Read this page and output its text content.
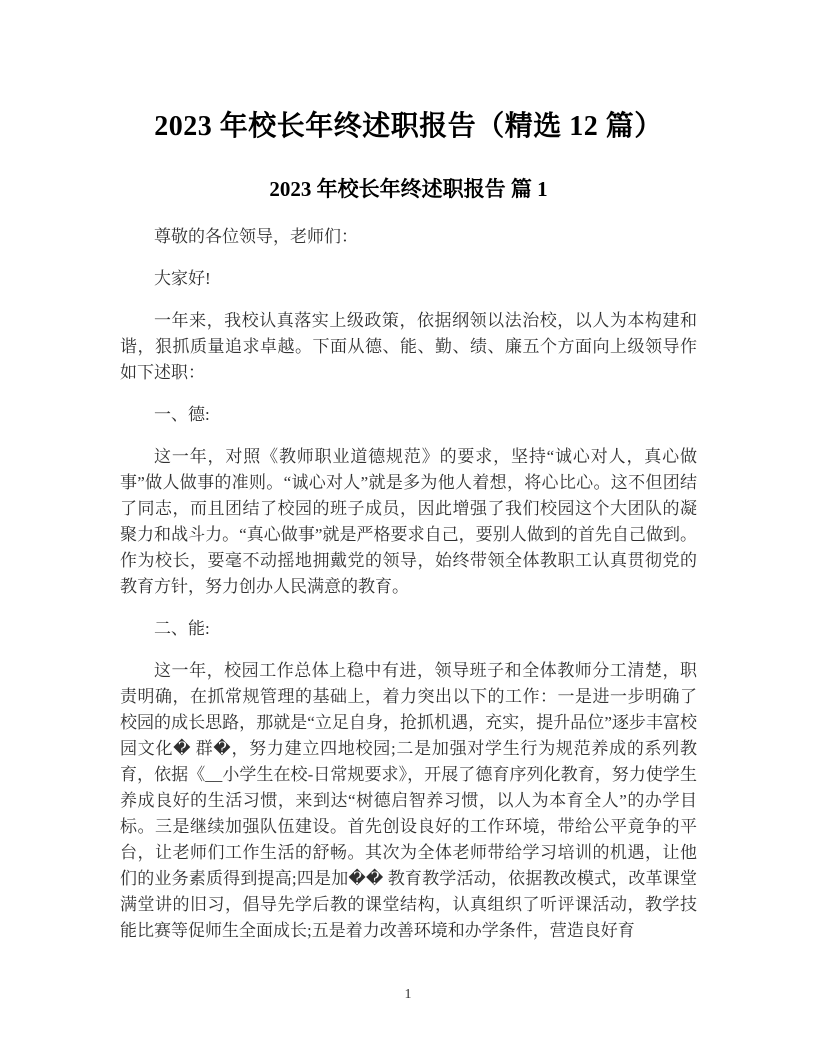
2023 年校长年终述职报告（精选 12 篇）
2023 年校长年终述职报告 篇 1

尊敬的各位领导，老师们：

大家好!

一年来，我校认真落实上级政策，依据纲领以法治校，以人为本构建和谐，狠抓质量追求卓越。下面从德、能、勤、绩、廉五个方面向上级领导作如下述职：

一、德:

这一年，对照《教师职业道德规范》的要求，坚持“诚心对人，真心做事”做人做事的准则。“诚心对人”就是多为他人着想，将心比心。这不但团结了同志，而且团结了校园的班子成员，因此增强了我们校园这个大团队的凝聚力和战斗力。“真心做事”就是严格要求自己，要别人做到的首先自己做到。作为校长，要毫不动摇地拥戴党的领导，始终带领全体教职工认真贯彻党的教育方针，努力创办人民满意的教育。

二、能:

这一年，校园工作总体上稳中有进，领导班子和全体教师分工清楚，职责明确，在抓常规管理的基础上，着力突出以下的工作：一是进一步明确了校园的成长思路，那就是“立足自身，抢抓机遇，充实，提升品位”逐步丰富校园文化� 群�，努力建立四地校园;二是加强对学生行为规范养成的系列教育，依据《__小学生在校-日常规要求》，开展了德育序列化教育，努力使学生养成良好的生活习惯，来到达“树德启智养习惯，以人为本育全人”的办学目标。三是继续加强队伍建设。首先创设良好的工作环境，带给公平竟争的平台，让老师们工作生活的舒畅。其次为全体老师带给学习培训的机遇，让他们的业务素质得到提高;四是加�� 教育教学活动，依据教改模式，改革课堂满堂讲的旧习，倡导先学后教的课堂结构，认真组织了听评课活动，教学技能比赛等促师生全面成长;五是着力改善环境和办学条件，营造良好育

1
